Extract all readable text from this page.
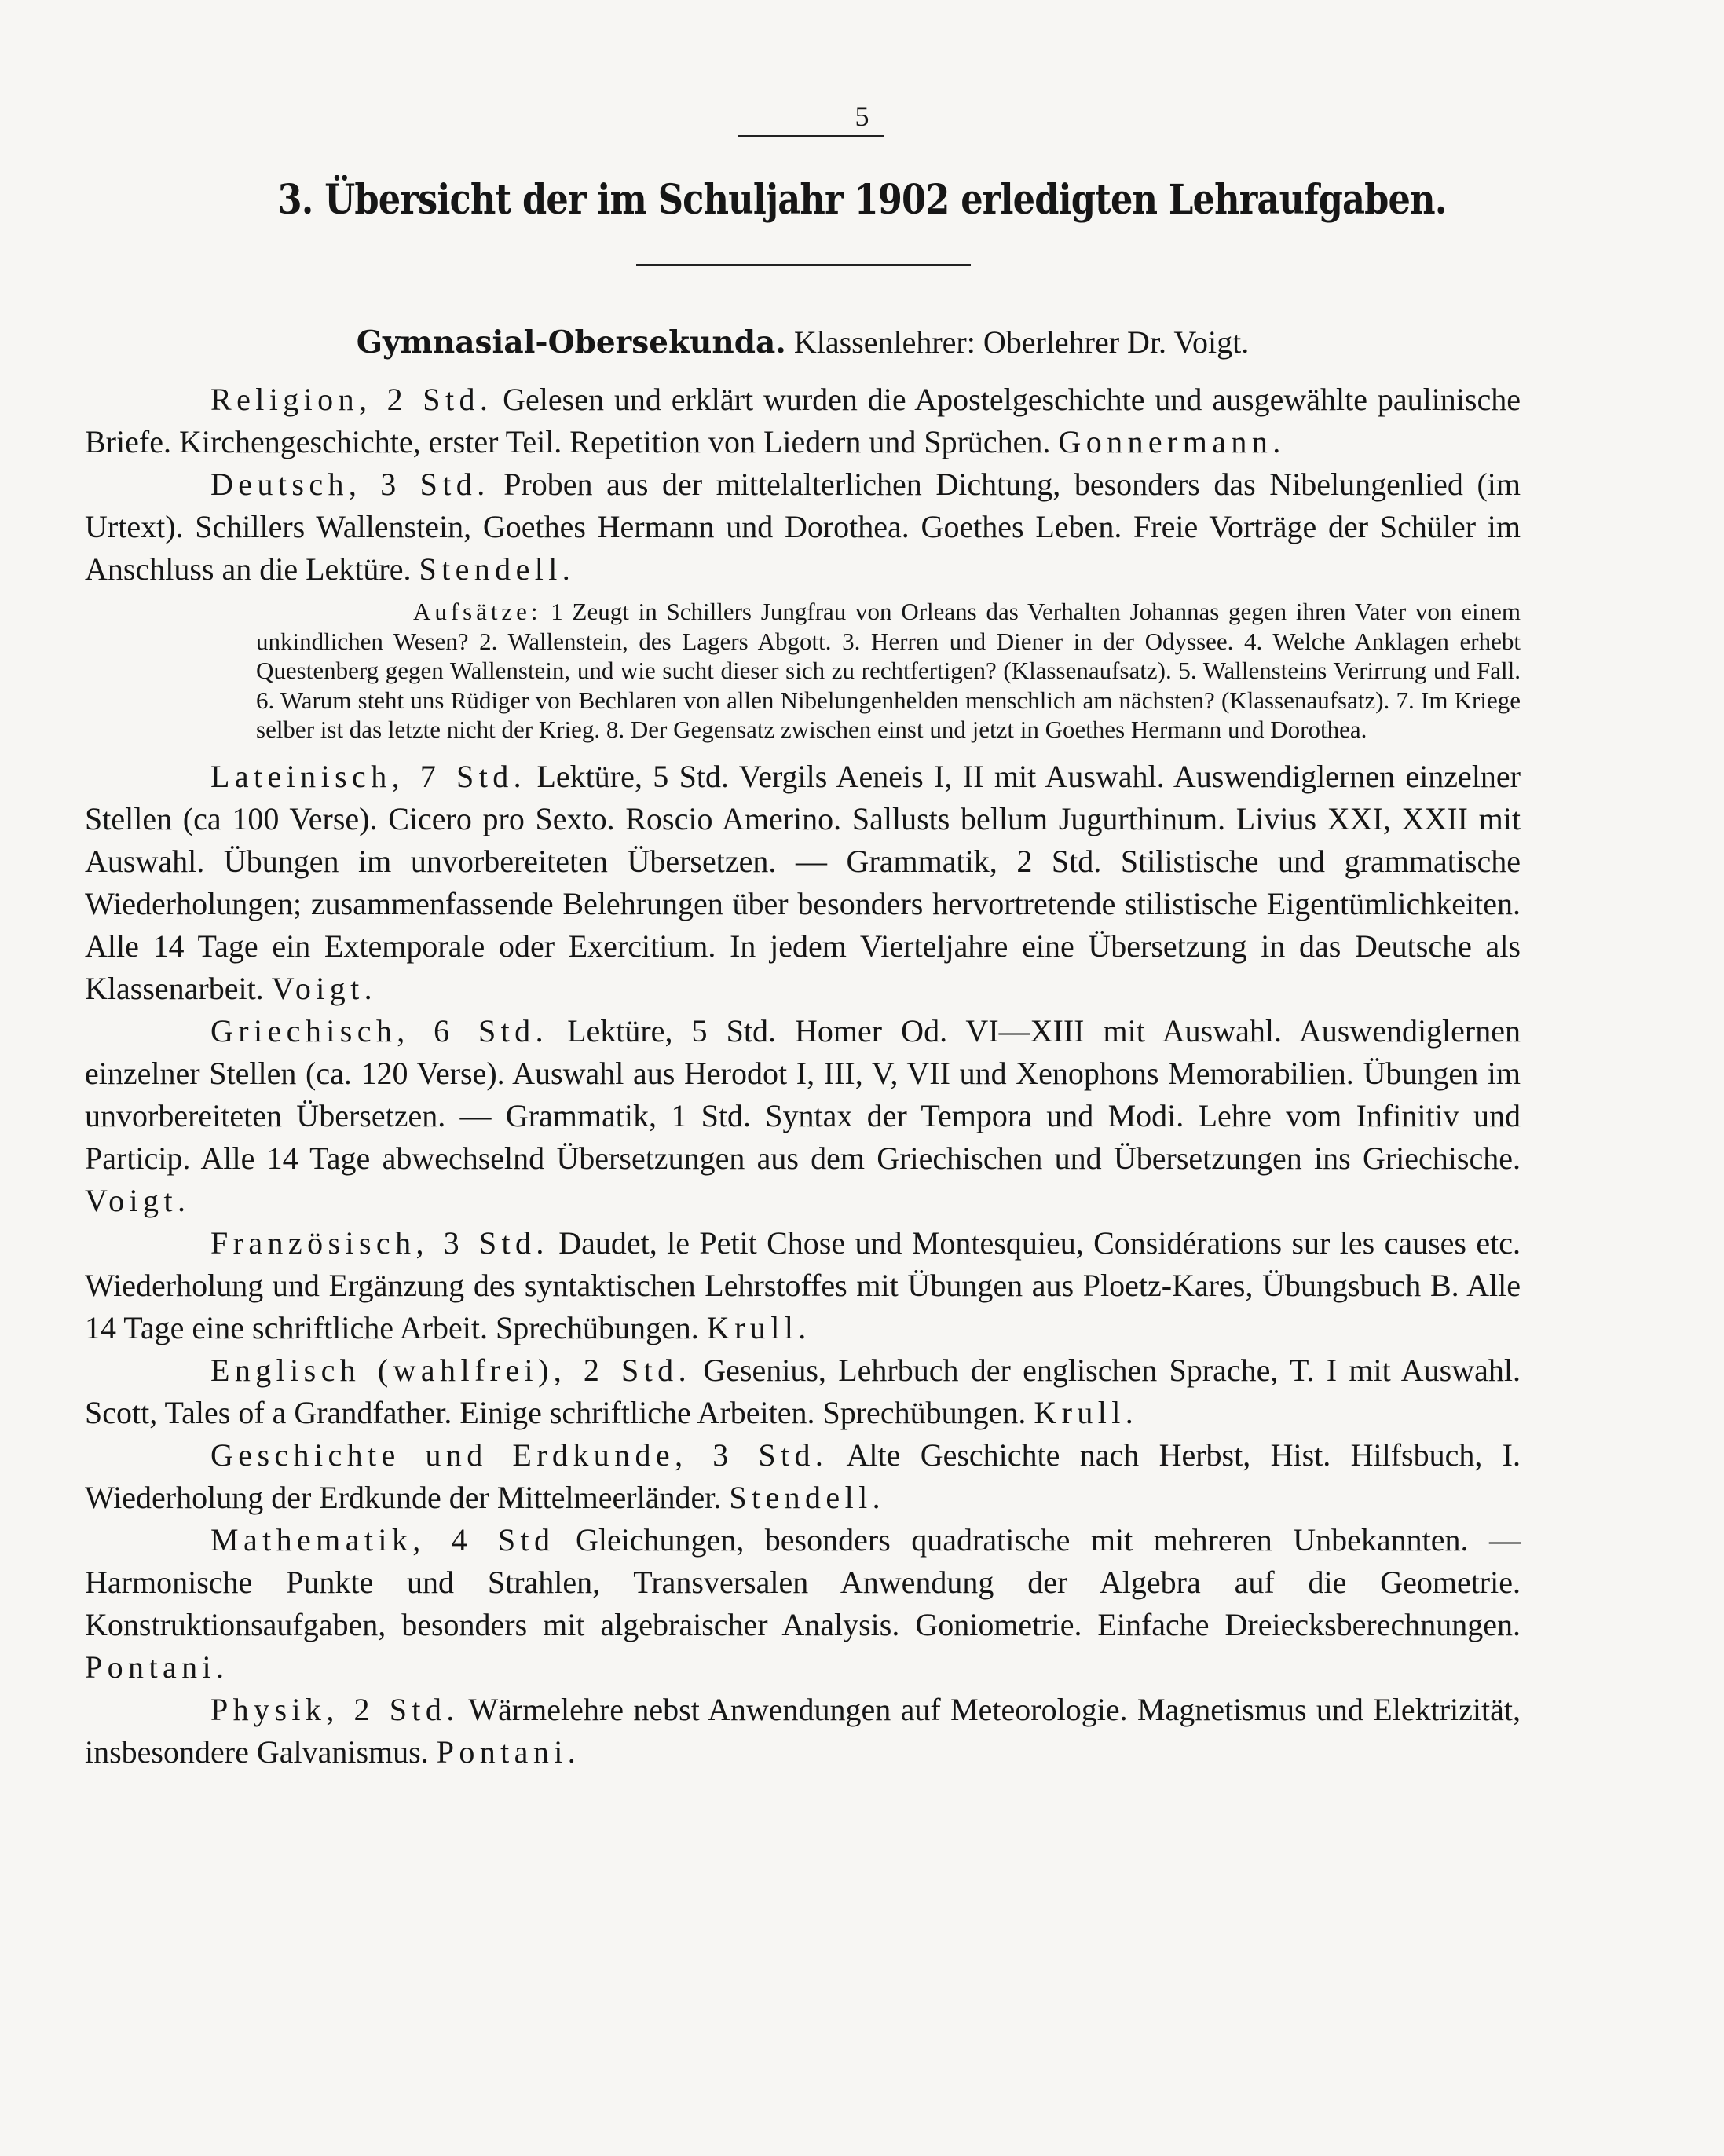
5
3. Übersicht der im Schuljahr 1902 erledigten Lehraufgaben.
Gymnasial-Obersekunda. Klassenlehrer: Oberlehrer Dr. Voigt.

Religion, 2 Std. Gelesen und erklärt wurden die Apostelgeschichte und ausgewählte paulinische Briefe. Kirchengeschichte, erster Teil. Repetition von Liedern und Sprüchen. Gonnermann.

Deutsch, 3 Std. Proben aus der mittelalterlichen Dichtung, besonders das Nibelungenlied (im Urtext). Schillers Wallenstein, Goethes Hermann und Dorothea. Goethes Leben. Freie Vorträge der Schüler im Anschluss an die Lektüre. Stendell.

Aufsätze: 1 Zeugt in Schillers Jungfrau von Orleans das Verhalten Johannas gegen ihren Vater von einem unkindlichen Wesen? 2. Wallenstein, des Lagers Abgott. 3. Herren und Diener in der Odyssee. 4. Welche Anklagen erhebt Questenberg gegen Wallenstein, und wie sucht dieser sich zu rechtfertigen? (Klassenaufsatz). 5. Wallensteins Verirrung und Fall. 6. Warum steht uns Rüdiger von Bechlaren von allen Nibelungenhelden menschlich am nächsten? (Klassenaufsatz). 7. Im Kriege selber ist das letzte nicht der Krieg. 8. Der Gegensatz zwischen einst und jetzt in Goethes Hermann und Dorothea.

Lateinisch, 7 Std. Lektüre, 5 Std. Vergils Aeneis I, II mit Auswahl. Auswendiglernen einzelner Stellen (ca 100 Verse). Cicero pro Sexto. Roscio Amerino. Sallusts bellum Jugurthinum. Livius XXI, XXII mit Auswahl. Übungen im unvorbereiteten Übersetzen. — Grammatik, 2 Std. Stilistische und grammatische Wiederholungen; zusammenfassende Belehrungen über besonders hervortretende stilistische Eigentümlichkeiten. Alle 14 Tage ein Extemporale oder Exercitium. In jedem Vierteljahre eine Übersetzung in das Deutsche als Klassenarbeit. Voigt.

Griechisch, 6 Std. Lektüre, 5 Std. Homer Od. VI—XIII mit Auswahl. Auswendiglernen einzelner Stellen (ca. 120 Verse). Auswahl aus Herodot I, III, V, VII und Xenophons Memorabilien. Übungen im unvorbereiteten Übersetzen. — Grammatik, 1 Std. Syntax der Tempora und Modi. Lehre vom Infinitiv und Particip. Alle 14 Tage abwechselnd Übersetzungen aus dem Griechischen und Übersetzungen ins Griechische. Voigt.

Französisch, 3 Std. Daudet, le Petit Chose und Montesquieu, Considérations sur les causes etc. Wiederholung und Ergänzung des syntaktischen Lehrstoffes mit Übungen aus Ploetz-Kares, Übungsbuch B. Alle 14 Tage eine schriftliche Arbeit. Sprechübungen. Krull.

Englisch (wahlfrei), 2 Std. Gesenius, Lehrbuch der englischen Sprache, T. I mit Auswahl. Scott, Tales of a Grandfather. Einige schriftliche Arbeiten. Sprechübungen. Krull.

Geschichte und Erdkunde, 3 Std. Alte Geschichte nach Herbst, Hist. Hilfsbuch, I. Wiederholung der Erdkunde der Mittelmeerländer. Stendell.

Mathematik, 4 Std Gleichungen, besonders quadratische mit mehreren Unbekannten. — Harmonische Punkte und Strahlen, Transversalen Anwendung der Algebra auf die Geometrie. Konstruktionsaufgaben, besonders mit algebraischer Analysis. Goniometrie. Einfache Dreiecksberechnungen. Pontani.

Physik, 2 Std. Wärmelehre nebst Anwendungen auf Meteorologie. Magnetismus und Elektrizität, insbesondere Galvanismus. Pontani.
